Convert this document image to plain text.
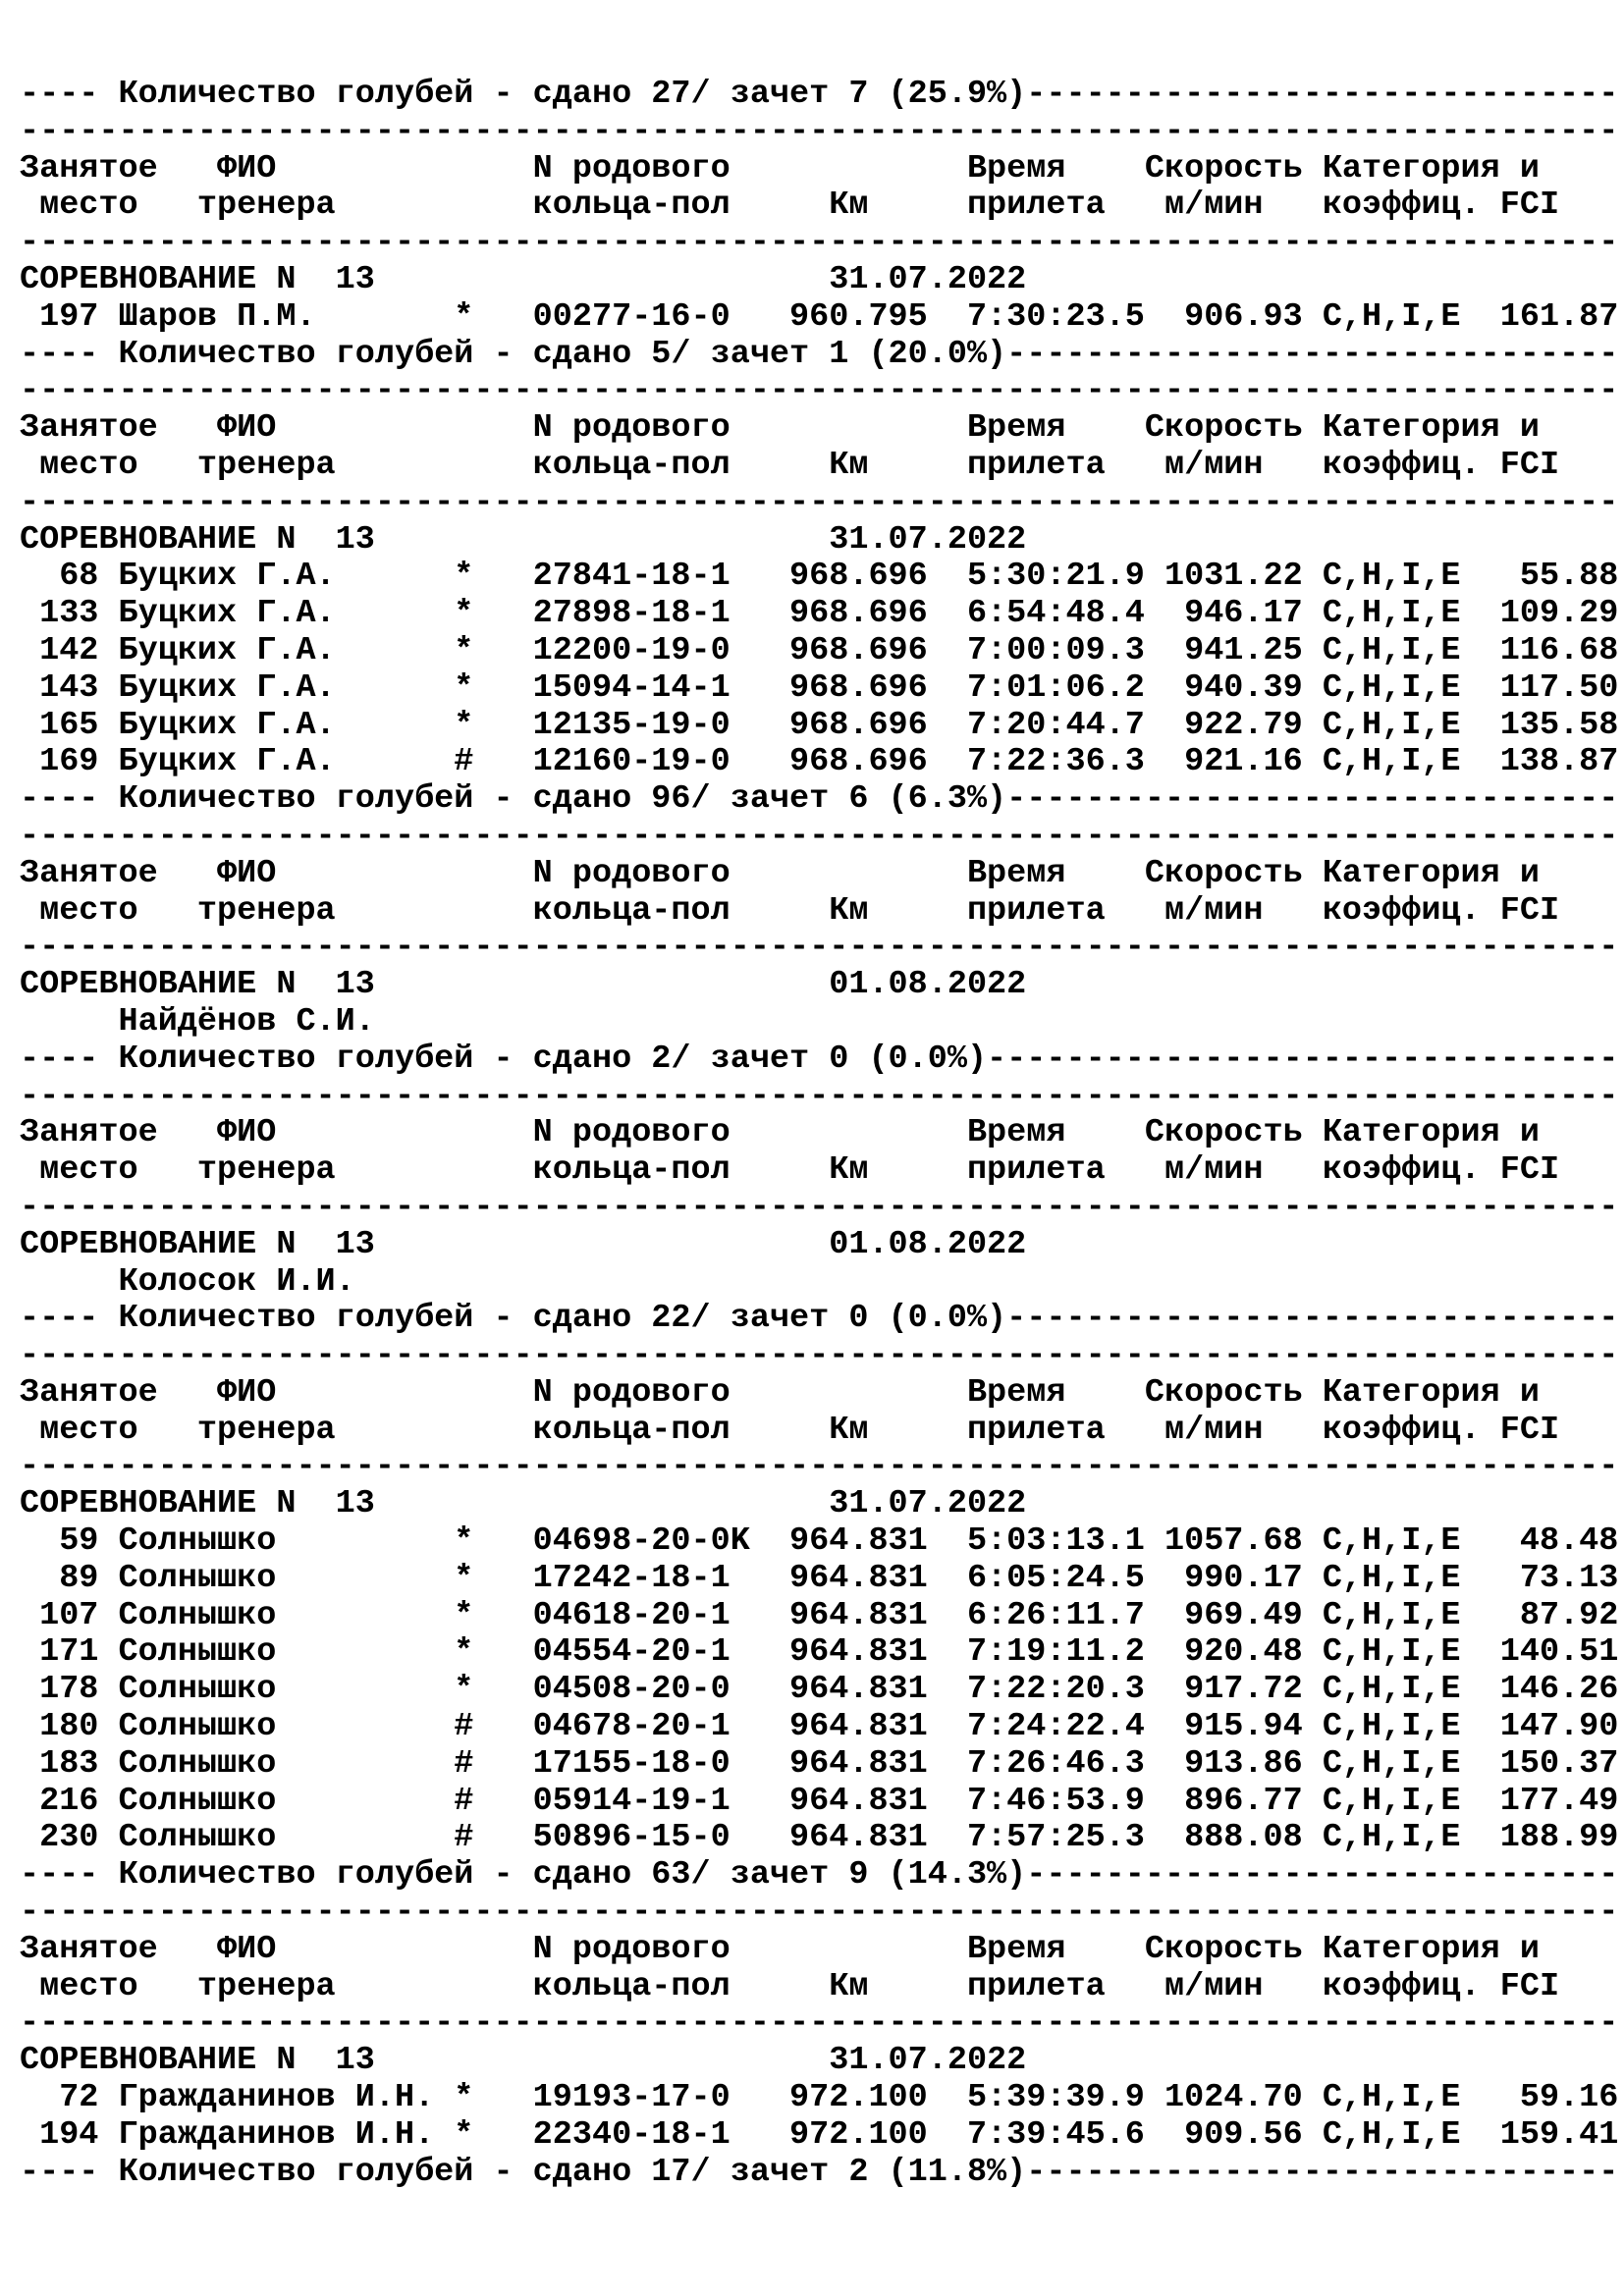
---- Количество голубей - сдано 27/ зачет 7 (25.9%)------------------------------
---------------------------------------------------------------------------------
Занятое   ФИО             N родового            Время    Скорость Категория и
место   тренера          кольца-пол     Км     прилета   м/мин   коэффиц. FCI
---------------------------------------------------------------------------------
СОРЕВНОВАНИЕ N  13                       31.07.2022
197 Шаров П.М.       *   00277-16-0   960.795  7:30:23.5  906.93 C,H,I,E  161.87
---- Количество голубей - сдано 5/ зачет 1 (20.0%)-------------------------------
---------------------------------------------------------------------------------
Занятое   ФИО             N родового            Время    Скорость Категория и
место   тренера          кольца-пол     Км     прилета   м/мин   коэффиц. FCI
---------------------------------------------------------------------------------
СОРЕВНОВАНИЕ N  13                       31.07.2022
68 Буцких Г.А.      *   27841-18-1   968.696  5:30:21.9 1031.22 C,H,I,E   55.88
133 Буцких Г.А.      *   27898-18-1   968.696  6:54:48.4  946.17 C,H,I,E  109.29
142 Буцких Г.А.      *   12200-19-0   968.696  7:00:09.3  941.25 C,H,I,E  116.68
143 Буцких Г.А.      *   15094-14-1   968.696  7:01:06.2  940.39 C,H,I,E  117.50
165 Буцких Г.А.      *   12135-19-0   968.696  7:20:44.7  922.79 C,H,I,E  135.58
169 Буцких Г.А.      #   12160-19-0   968.696  7:22:36.3  921.16 C,H,I,E  138.87
---- Количество голубей - сдано 96/ зачет 6 (6.3%)-------------------------------
---------------------------------------------------------------------------------
Занятое   ФИО             N родового            Время    Скорость Категория и
место   тренера          кольца-пол     Км     прилета   м/мин   коэффиц. FCI
---------------------------------------------------------------------------------
СОРЕВНОВАНИЕ N  13                       01.08.2022
Найдёнов С.И.
---- Количество голубей - сдано 2/ зачет 0 (0.0%)--------------------------------
---------------------------------------------------------------------------------
Занятое   ФИО             N родового            Время    Скорость Категория и
место   тренера          кольца-пол     Км     прилета   м/мин   коэффиц. FCI
---------------------------------------------------------------------------------
СОРЕВНОВАНИЕ N  13                       01.08.2022
Колосок И.И.
---- Количество голубей - сдано 22/ зачет 0 (0.0%)-------------------------------
---------------------------------------------------------------------------------
Занятое   ФИО             N родового            Время    Скорость Категория и
место   тренера          кольца-пол     Км     прилета   м/мин   коэффиц. FCI
---------------------------------------------------------------------------------
СОРЕВНОВАНИЕ N  13                       31.07.2022
59 Солнышко         *   04698-20-0K  964.831  5:03:13.1 1057.68 C,H,I,E   48.48
89 Солнышко         *   17242-18-1   964.831  6:05:24.5  990.17 C,H,I,E   73.13
107 Солнышко         *   04618-20-1   964.831  6:26:11.7  969.49 C,H,I,E   87.92
171 Солнышко         *   04554-20-1   964.831  7:19:11.2  920.48 C,H,I,E  140.51
178 Солнышко         *   04508-20-0   964.831  7:22:20.3  917.72 C,H,I,E  146.26
180 Солнышко         #   04678-20-1   964.831  7:24:22.4  915.94 C,H,I,E  147.90
183 Солнышко         #   17155-18-0   964.831  7:26:46.3  913.86 C,H,I,E  150.37
216 Солнышко         #   05914-19-1   964.831  7:46:53.9  896.77 C,H,I,E  177.49
230 Солнышко         #   50896-15-0   964.831  7:57:25.3  888.08 C,H,I,E  188.99
---- Количество голубей - сдано 63/ зачет 9 (14.3%)------------------------------
---------------------------------------------------------------------------------
Занятое   ФИО             N родового            Время    Скорость Категория и
место   тренера          кольца-пол     Км     прилета   м/мин   коэффиц. FCI
---------------------------------------------------------------------------------
СОРЕВНОВАНИЕ N  13                       31.07.2022
72 Гражданинов И.Н. *   19193-17-0   972.100  5:39:39.9 1024.70 C,H,I,E   59.16
194 Гражданинов И.Н. *   22340-18-1   972.100  7:39:45.6  909.56 C,H,I,E  159.41
---- Количество голубей - сдано 17/ зачет 2 (11.8%)------------------------------
